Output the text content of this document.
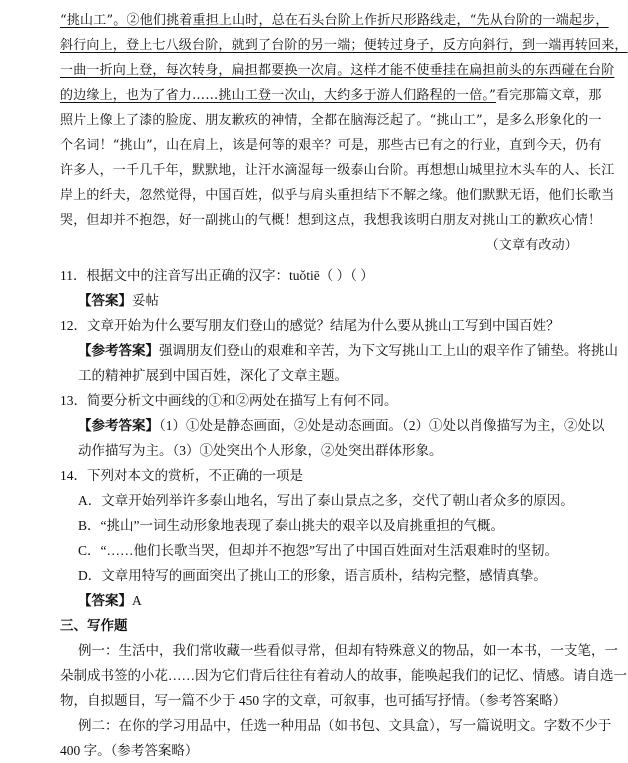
“挑山工”。②他们挑着重担上山时，总在石头台阶上作折尺形路线走，“先从台阶的一端起步，
斜行向上，登上七八级台阶，就到了台阶的另一端；便转过身子，反方向斜行，到一端再转回来，
一曲一折向上登，每次转身，扁担都要换一次肩。这样才能不使垂挂在扁担前头的东西碰在台阶
的边缘上，也为了省力……挑山工登一次山，大约多于游人们路程的一倍。”看完那篇文章，那
照片上像上了漆的脸庞、朋友歉疚的神情，全都在脑海泛起了。“挑山工”，是多么形象化的一
个名词！“挑山”，山在肩上，该是何等的艰辛？可是，那些古已有之的行业，直到今天，仍有
许多人，一千几千年，默默地，让汗水滴湿每一级泰山台阶。再想想山城里拉木头车的人、长江
岸上的纤夫，忽然觉得，中国百姓，似乎与肩头重担结下不解之缘。他们默默无语，他们长歌当
哭，但却并不抱怨，好一副挑山的气概！想到这点，我想我该明白朋友对挑山工的歉疚心情！
（文章有改动）
11．根据文中的注音写出正确的汉字：tuǒtiē（ ）（ ）
【答案】妥帖
12．文章开始为什么要写朋友们登山的感觉？结尾为什么要从挑山工写到中国百姓？
【参考答案】强调朋友们登山的艰难和辛苦，为下文写挑山工上山的艰辛作了铺垫。将挑山
工的精神扩展到中国百姓，深化了文章主题。
13．简要分析文中画线的①和②两处在描写上有何不同。
【参考答案】（1）①处是静态画面，②处是动态画面。（2）①处以肖像描写为主，②处以
动作描写为主。（3）①处突出个人形象，②处突出群体形象。
14．下列对本文的赏析，不正确的一项是
A．文章开始列举许多泰山地名，写出了泰山景点之多，交代了朝山者众多的原因。
B．“挑山”一词生动形象地表现了泰山挑夫的艰辛以及肩挑重担的气概。
C．“……他们长歌当哭，但却并不抱怨”写出了中国百姓面对生活艰难时的坚韧。
D．文章用特写的画面突出了挑山工的形象，语言质朴，结构完整，感情真挚。
【答案】A
三、写作题
例一：生活中，我们常收藏一些看似寻常，但却有特殊意义的物品，如一本书，一支笔，一
朵制成书签的小花……因为它们背后往往有着动人的故事，能唤起我们的记忆、情感。请自选一
物，自拟题目，写一篇不少于 450 字的文章，可叙事，也可插写抒情。（参考答案略）
例二：在你的学习用品中，任选一种用品（如书包、文具盒），写一篇说明文。字数不少于
400 字。（参考答案略）
